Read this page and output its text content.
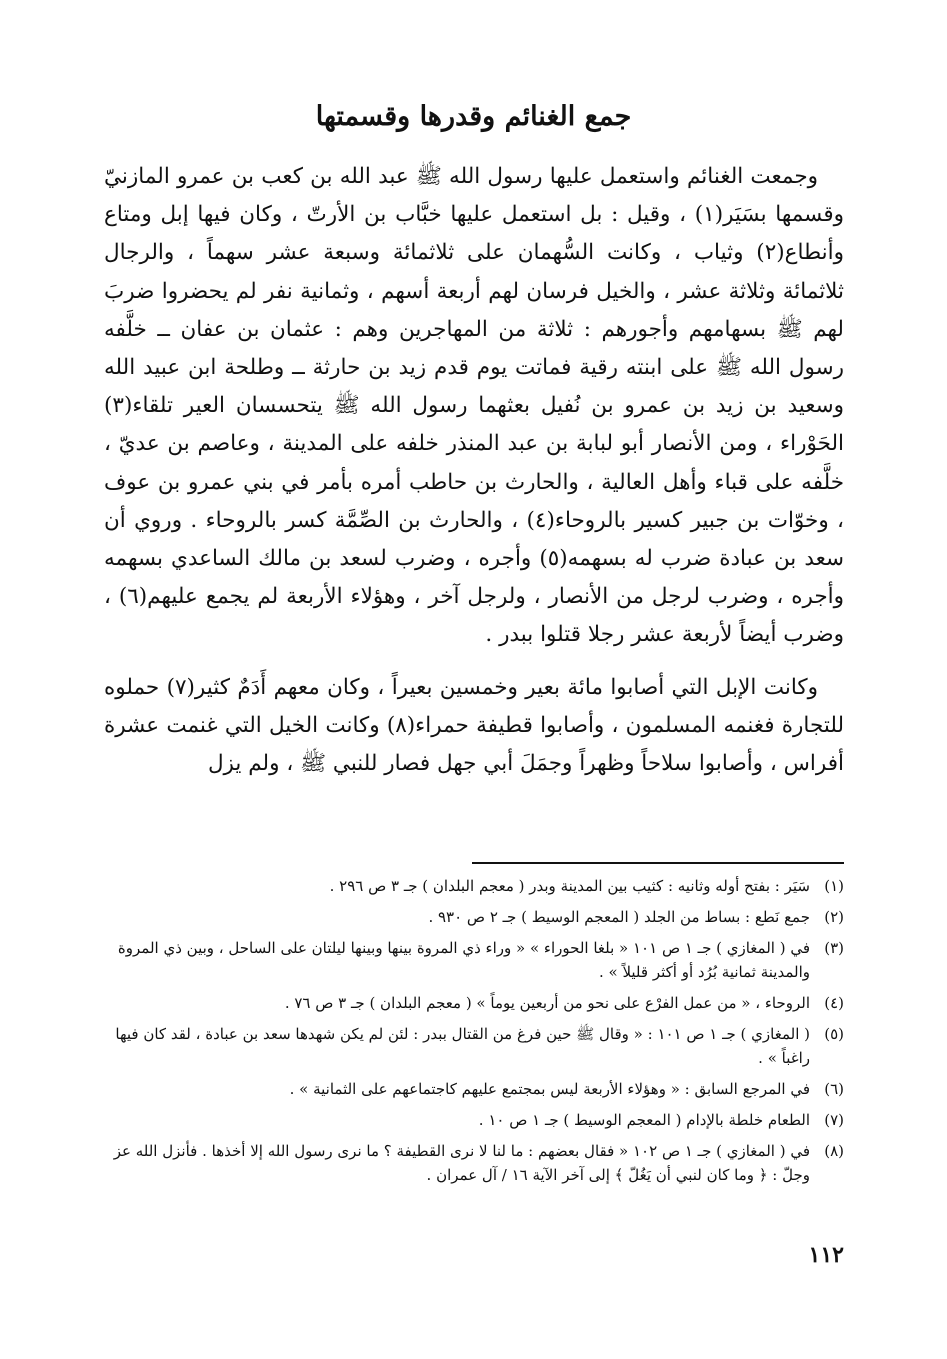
جمع الغنائم وقدرها وقسمتها

وجمعت الغنائم واستعمل عليها رسول الله ﷺ عبد الله بن كعب بن عمرو المازنيّ وقسمها بسَيَر(١) ، وقيل : بل استعمل عليها خبَّاب بن الأرتّ ، وكان فيها إبل ومتاع وأنطاع(٢) وثياب ، وكانت السُّهمان على ثلاثمائة وسبعة عشر سهماً ، والرجال ثلاثمائة وثلاثة عشر ، والخيل فرسان لهم أربعة أسهم ، وثمانية نفر لم يحضروا ضربَ لهم ﷺ بسهامهم وأجورهم : ثلاثة من المهاجرين وهم : عثمان بن عفان ــ خلَّفه رسول الله ﷺ على ابنته رقية فماتت يوم قدم زيد بن حارثة ــ وطلحة ابن عبيد الله وسعيد بن زيد بن عمرو بن نُفيل بعثهما رسول الله ﷺ يتحسسان العير تلقاء(٣) الحَوْراء ، ومن الأنصار أبو لبابة بن عبد المنذر خلفه على المدينة ، وعاصم بن عديّ ، خلَّفه على قباء وأهل العالية ، والحارث بن حاطب أمره بأمر في بني عمرو بن عوف ، وخوّات بن جبير كسير بالروحاء(٤) ، والحارث بن الصِّمَّة كسر بالروحاء . وروي أن سعد بن عبادة ضرب له بسهمه(٥) وأجره ، وضرب لسعد بن مالك الساعدي بسهمه وأجره ، وضرب لرجل من الأنصار ، ولرجل آخر ، وهؤلاء الأربعة لم يجمع عليهم(٦) ، وضرب أيضاً لأربعة عشر رجلا قتلوا ببدر .

وكانت الإبل التي أصابوا مائة بعير وخمسين بعيراً ، وكان معهم أَدَمٌ كثير(٧) حملوه للتجارة فغنمه المسلمون ، وأصابوا قطيفة حمراء(٨) وكانت الخيل التي غنمت عشرة أفراس ، وأصابوا سلاحاً وظهراً وجمَلَ أبي جهل فصار للنبي ﷺ ، ولم يزل

(١)
سَيَر : بفتح أوله وثانيه : كثيب بين المدينة وبدر ( معجم البلدان ) جـ ٣ ص ٢٩٦ .
(٢)
جمع نَطع : بساط من الجلد ( المعجم الوسيط ) جـ ٢ ص ٩٣٠ .
(٣)
في ( المغازي ) جـ ١ ص ١٠١ « بلغا الحوراء » « وراء ذي المروة بينها وبينها ليلتان على الساحل ، وبين ذي المروة والمدينة ثمانية بُرُد أو أكثر قليلاً » .
(٤)
الروحاء ، « من عمل الفرْع على نحو من أربعين يوماً » ( معجم البلدان ) جـ ٣ ص ٧٦ .
(٥)
( المغازي ) جـ ١ ص ١٠١ : « وقال ﷺ حين فرغ من القتال ببدر : لئن لم يكن شهدها سعد بن عبادة ، لقد كان فيها راغباً » .
(٦)
في المرجع السابق : « وهؤلاء الأربعة ليس بمجتمع عليهم كاجتماعهم على الثمانية » .
(٧)
الطعام خلطة بالإدام ( المعجم الوسيط ) جـ ١ ص ١٠ .
(٨)
في ( المغازي ) جـ ١ ص ١٠٢ « فقال بعضهم : ما لنا لا نرى القطيفة ؟ ما نرى رسول الله إلا أخذها . فأنزل الله عز وجلّ : ﴿ وما كان لنبي أن يَغُلّ ﴾ إلى آخر الآية ١٦ / آل عمران .
١١٢
